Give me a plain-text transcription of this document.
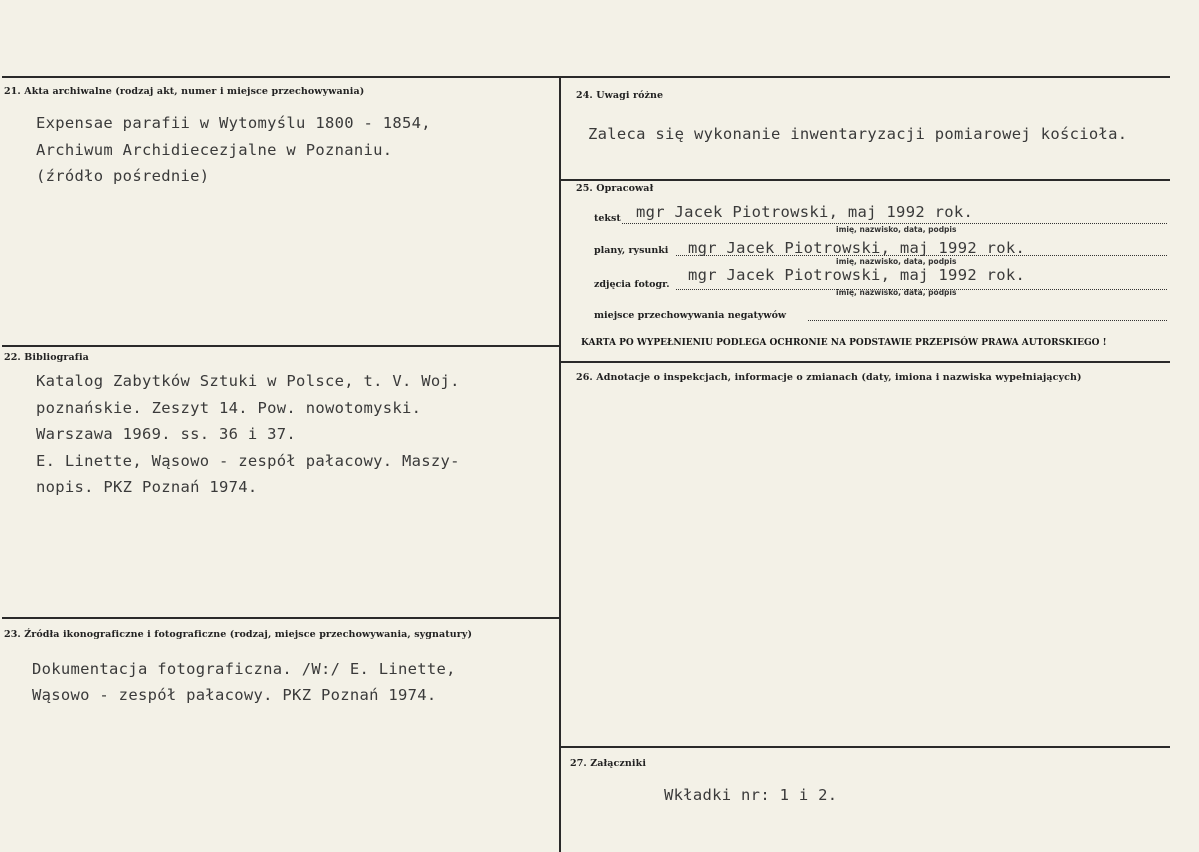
21. Akta archiwalne (rodzaj akt, numer i miejsce przechowywania)
Expensae parafii w Wytomyślu 1800 - 1854,
Archiwum Archidiecezjalne w Poznaniu.
(źródło pośrednie)
22. Bibliografia
Katalog Zabytków Sztuki w Polsce, t. V. Woj.
poznańskie. Zeszyt 14. Pow. nowotomyski.
Warszawa 1969. ss. 36 i 37.
E. Linette, Wąsowo - zespół pałacowy. Maszy-
nopis. PKZ Poznań 1974.
23. Źródła ikonograficzne i fotograficzne (rodzaj, miejsce przechowywania, sygnatury)
Dokumentacja fotograficzna. /W:/ E. Linette,
Wąsowo - zespół pałacowy. PKZ Poznań 1974.
24. Uwagi różne
Zaleca się wykonanie inwentaryzacji pomiarowej kościoła.
25. Opracował
tekst mgr Jacek Piotrowski, maj 1992 rok.
imię, nazwisko, data, podpis
plany, rysunki mgr Jacek Piotrowski, maj 1992 rok.
imię, nazwisko, data, podpis
zdjęcia fotogr.
mgr Jacek Piotrowski, maj 1992 rok.
imię, nazwisko, data, podpis
miejsce przechowywania negatywów
KARTA PO WYPEŁNIENIU PODLEGA OCHRONIE NA PODSTAWIE PRZEPISÓW PRAWA AUTORSKIEGO !
26. Adnotacje o inspekcjach, informacje o zmianach (daty, imiona i nazwiska wypełniających)
27. Załączniki
Wkładki nr: 1 i 2.
